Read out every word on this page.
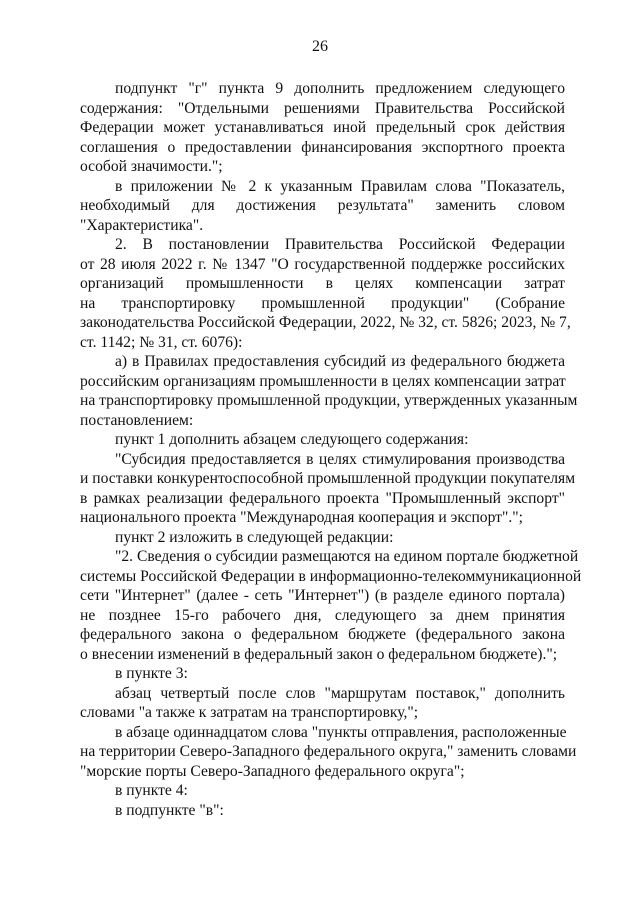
26
подпункт "г" пункта 9 дополнить предложением следующего
содержания: "Отдельными решениями Правительства Российской
Федерации может устанавливаться иной предельный срок действия
соглашения о предоставлении финансирования экспортного проекта
особой значимости.";
в приложении № 2 к указанным Правилам слова "Показатель,
необходимый для достижения результата" заменить словом
"Характеристика".
2. В постановлении Правительства Российской Федерации
от 28 июля 2022 г. № 1347 "О государственной поддержке российских
организаций промышленности в целях компенсации затрат
на транспортировку промышленной продукции" (Собрание
законодательства Российской Федерации, 2022, № 32, ст. 5826; 2023, № 7,
ст. 1142; № 31, ст. 6076):
а) в Правилах предоставления субсидий из федерального бюджета
российским организациям промышленности в целях компенсации затрат
на транспортировку промышленной продукции, утвержденных указанным
постановлением:
пункт 1 дополнить абзацем следующего содержания:
"Субсидия предоставляется в целях стимулирования производства
и поставки конкурентоспособной промышленной продукции покупателям
в рамках реализации федерального проекта "Промышленный экспорт"
национального проекта "Международная кооперация и экспорт".";
пункт 2 изложить в следующей редакции:
"2. Сведения о субсидии размещаются на едином портале бюджетной
системы Российской Федерации в информационно-телекоммуникационной
сети "Интернет" (далее - сеть "Интернет") (в разделе единого портала)
не позднее 15-го рабочего дня, следующего за днем принятия
федерального закона о федеральном бюджете (федерального закона
о внесении изменений в федеральный закон о федеральном бюджете).";
в пункте 3:
абзац четвертый после слов "маршрутам поставок," дополнить
словами "а также к затратам на транспортировку,";
в абзаце одиннадцатом слова "пункты отправления, расположенные
на территории Северо-Западного федерального округа," заменить словами
"морские порты Северо-Западного федерального округа";
в пункте 4:
в подпункте "в":
